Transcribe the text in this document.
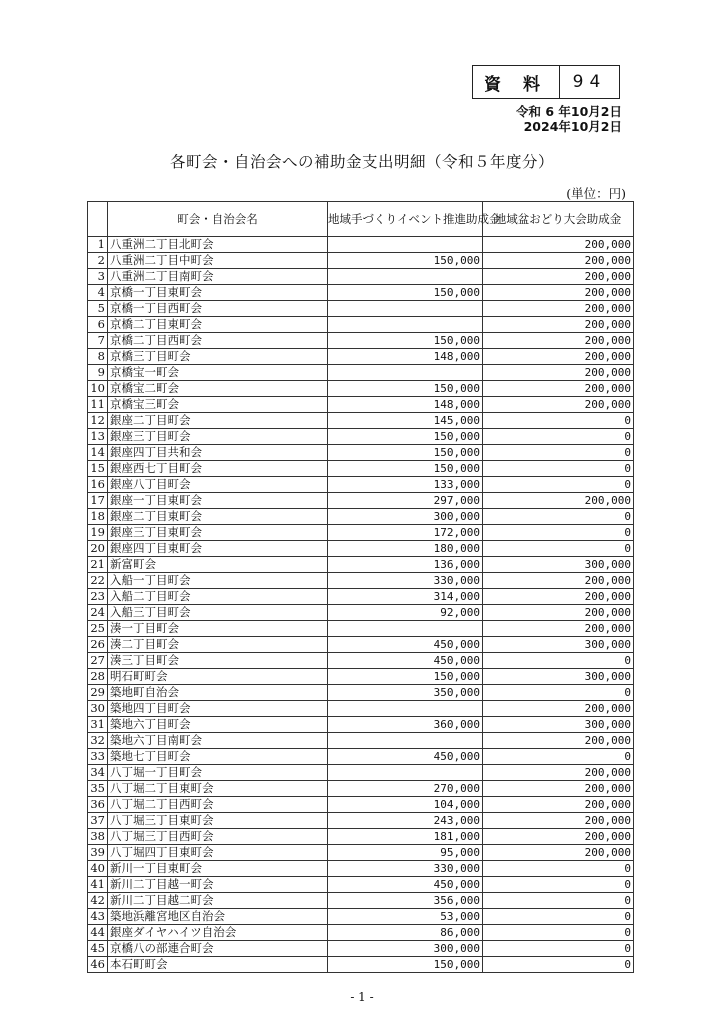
資 料	94
令和 6 年10月2日
2024年10月2日
各町会・自治会への補助金支出明細（令和５年度分）
(単位：円)
	町会・自治会名	地域手づくりイベント推進助成金	地域盆おどり大会助成金
1	八重洲二丁目北町会		200,000
2	八重洲二丁目中町会	150,000	200,000
3	八重洲二丁目南町会		200,000
4	京橋一丁目東町会	150,000	200,000
5	京橋一丁目西町会		200,000
6	京橋二丁目東町会		200,000
7	京橋二丁目西町会	150,000	200,000
8	京橋三丁目町会	148,000	200,000
9	京橋宝一町会		200,000
10	京橋宝二町会	150,000	200,000
11	京橋宝三町会	148,000	200,000
12	銀座二丁目町会	145,000	0
13	銀座三丁目町会	150,000	0
14	銀座四丁目共和会	150,000	0
15	銀座西七丁目町会	150,000	0
16	銀座八丁目町会	133,000	0
17	銀座一丁目東町会	297,000	200,000
18	銀座二丁目東町会	300,000	0
19	銀座三丁目東町会	172,000	0
20	銀座四丁目東町会	180,000	0
21	新富町会	136,000	300,000
22	入船一丁目町会	330,000	200,000
23	入船二丁目町会	314,000	200,000
24	入船三丁目町会	92,000	200,000
25	湊一丁目町会		200,000
26	湊二丁目町会	450,000	300,000
27	湊三丁目町会	450,000	0
28	明石町町会	150,000	300,000
29	築地町自治会	350,000	0
30	築地四丁目町会		200,000
31	築地六丁目町会	360,000	300,000
32	築地六丁目南町会		200,000
33	築地七丁目町会	450,000	0
34	八丁堀一丁目町会		200,000
35	八丁堀二丁目東町会	270,000	200,000
36	八丁堀二丁目西町会	104,000	200,000
37	八丁堀三丁目東町会	243,000	200,000
38	八丁堀三丁目西町会	181,000	200,000
39	八丁堀四丁目東町会	95,000	200,000
40	新川一丁目東町会	330,000	0
41	新川二丁目越一町会	450,000	0
42	新川二丁目越二町会	356,000	0
43	築地浜離宮地区自治会	53,000	0
44	銀座ダイヤハイツ自治会	86,000	0
45	京橋八の部連合町会	300,000	0
46	本石町町会	150,000	0
- 1 -
